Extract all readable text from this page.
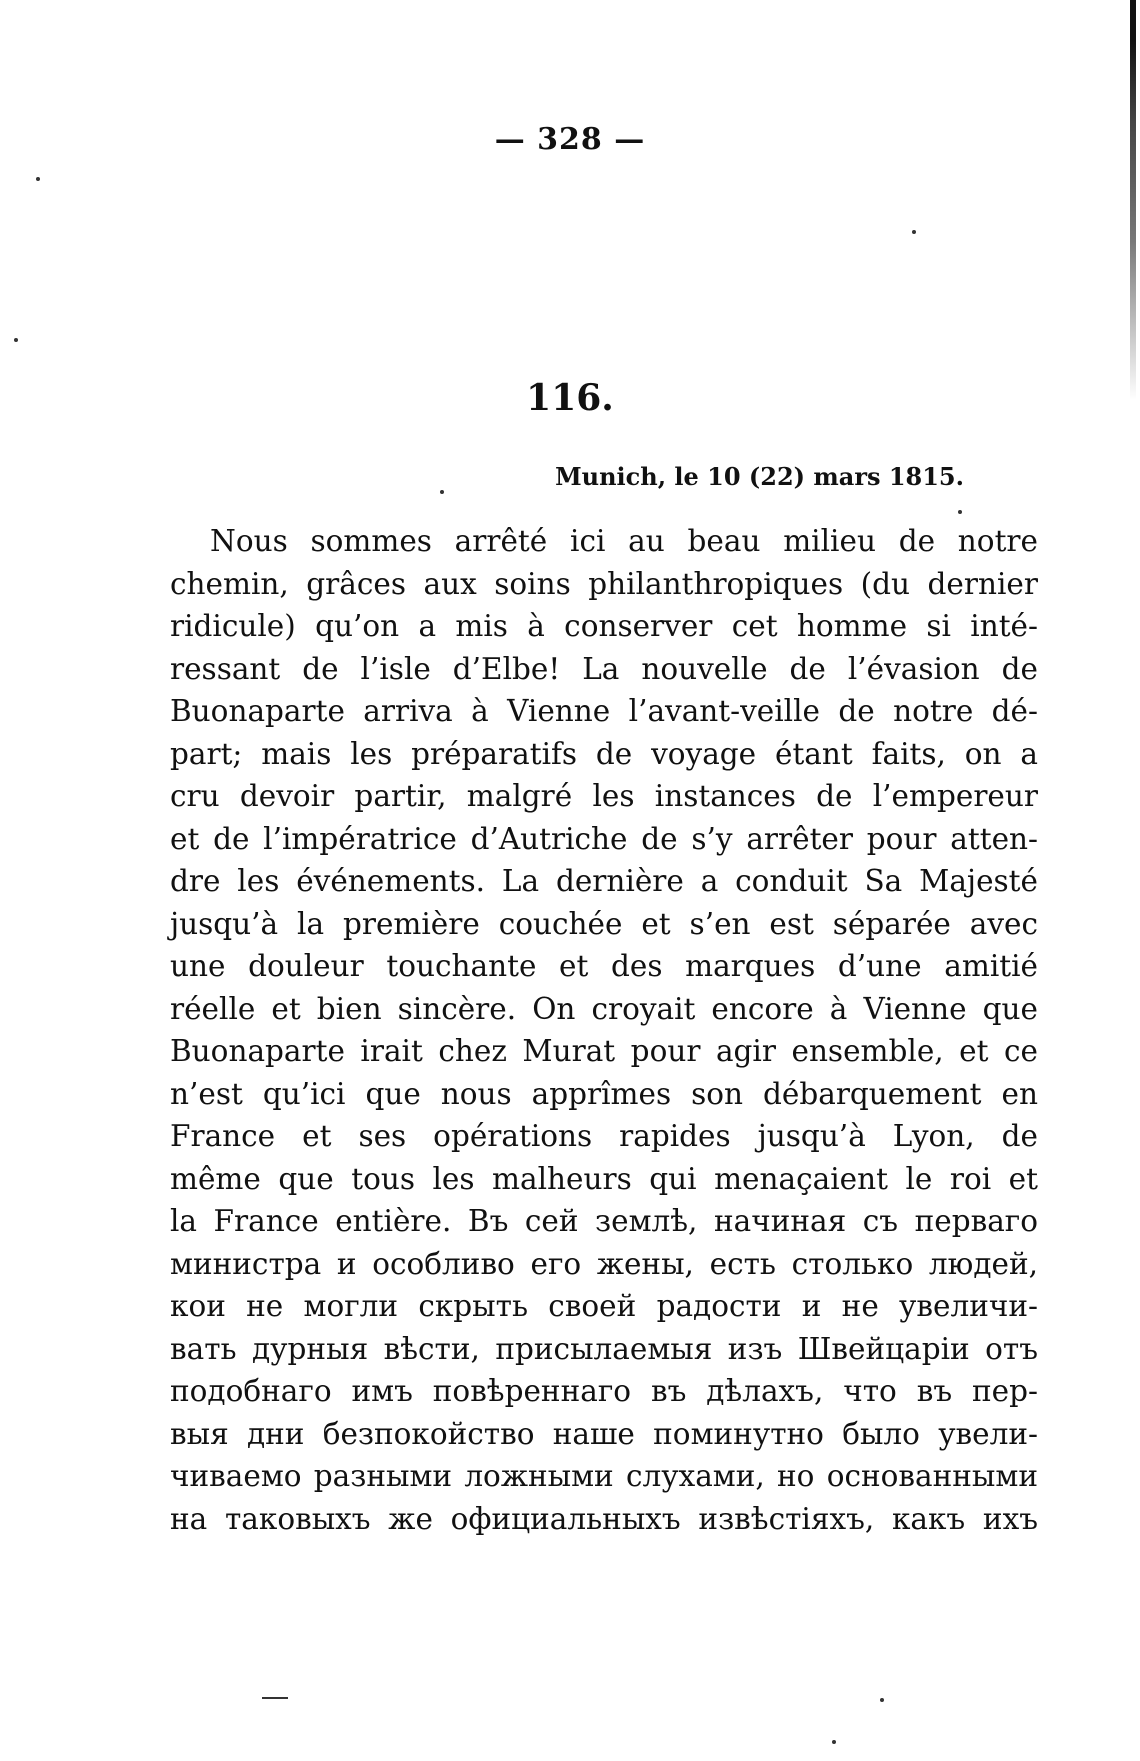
— 328 —
116.
Munich, le 10 (22) mars 1815.
Nous sommes arrêté ici au beau milieu de notre
chemin, grâces aux soins philanthropiques (du dernier
ridicule) qu’on a mis à conserver cet homme si inté-
ressant de l’isle d’Elbe! La nouvelle de l’évasion de
Buonaparte arriva à Vienne l’avant-veille de notre dé-
part; mais les préparatifs de voyage étant faits, on a
cru devoir partir, malgré les instances de l’empereur
et de l’impératrice d’Autriche de s’y arrêter pour atten-
dre les événements. La dernière a conduit Sa Majesté
jusqu’à la première couchée et s’en est séparée avec
une douleur touchante et des marques d’une amitié
réelle et bien sincère. On croyait encore à Vienne que
Buonaparte irait chez Murat pour agir ensemble, et ce
n’est qu’ici que nous apprîmes son débarquement en
France et ses opérations rapides jusqu’à Lyon, de
même que tous les malheurs qui menaçaient le roi et
la France entière. Въ сей землѣ, начиная съ перваго
министра и особливо его жены, есть столько людей,
кои не могли скрыть своей радости и не увеличи-
вать дурныя вѣсти, присылаемыя изъ Швейцаріи отъ
подобнаго имъ повѣреннаго въ дѣлахъ, что въ пер-
выя дни безпокойство наше поминутно было увели-
чиваемо разными ложными слухами, но основанными
на таковыхъ же официальныхъ извѣстіяхъ, какъ ихъ
